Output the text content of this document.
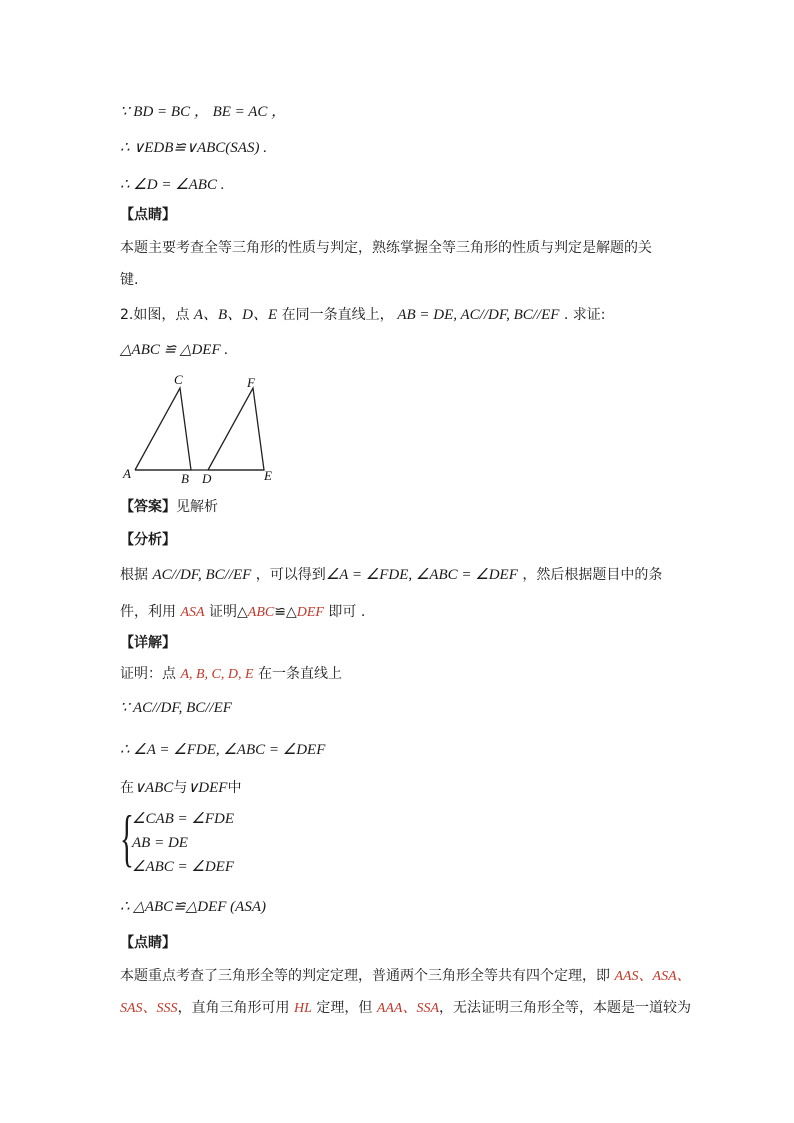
∵ BD = BC ， BE = AC ，
∴ ∨EDB≌∨ABC(SAS) .
∴ ∠D = ∠ABC .
【点睛】
本题主要考查全等三角形的性质与判定，熟练掌握全等三角形的性质与判定是解题的关
键.
2.如图，点 A、B、D、E 在同一条直线上， AB = DE, AC//DF, BC//EF . 求证:
△ABC ≌ △DEF .
A	B
C
D	E
F
【答案】见解析
【分析】
根据 AC//DF, BC//EF ，可以得到∠A = ∠FDE, ∠ABC = ∠DEF ，然后根据题目中的条
件，利用 ASA 证明△ABC≌△DEF 即可 .
【详解】
证明：点 A, B, C, D, E 在一条直线上
∵ AC//DF, BC//EF
∴ ∠A = ∠FDE, ∠ABC = ∠DEF
在∨ABC与∨DEF中
{
∠CAB = ∠FDE
AB = DE
∠ABC = ∠DEF
∴ △ABC≌△DEF (ASA)
【点睛】
本题重点考查了三角形全等的判定定理，普通两个三角形全等共有四个定理，即 AAS、ASA、
SAS、SSS，直角三角形可用 HL 定理，但 AAA、SSA，无法证明三角形全等，本题是一道较为
